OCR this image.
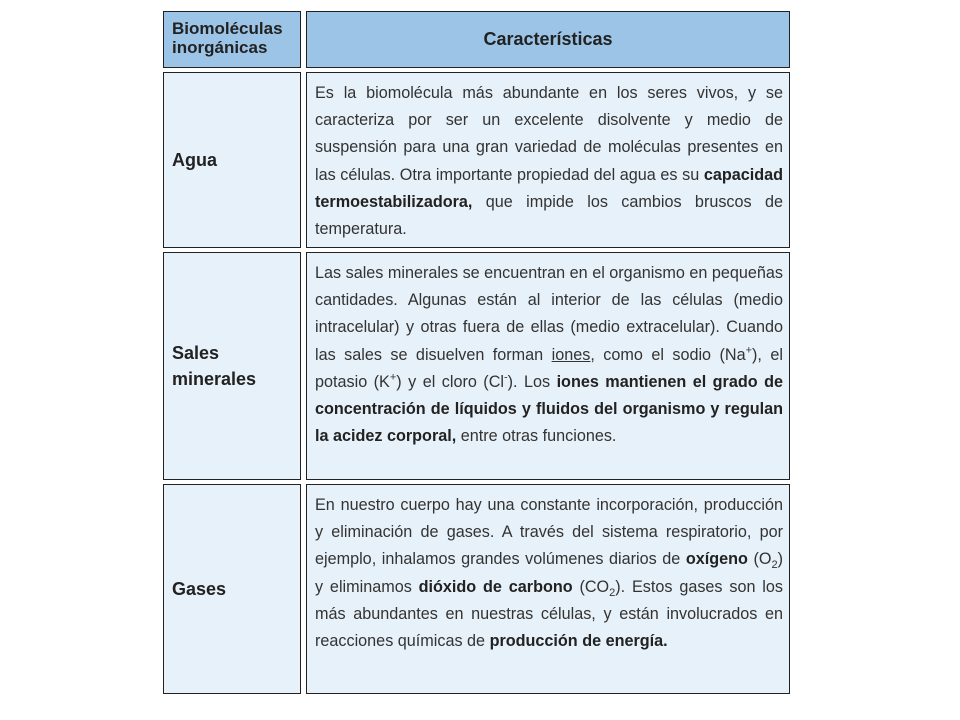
Biomoléculas inorgánicas	Características
Agua

Es la biomolécula más abundante en los seres vivos, y se caracteriza por ser un excelente disolvente y medio de suspensión para una gran variedad de moléculas presentes en las células. Otra importante propiedad del agua es su capacidad termoestabilizadora, que impide los cambios bruscos de temperatura.

Sales minerales

Las sales minerales se encuentran en el organismo en pequeñas cantidades. Algunas están al interior de las células (medio intracelular) y otras fuera de ellas (medio extracelular). Cuando las sales se disuelven forman iones, como el sodio (Na+), el potasio (K+) y el cloro (Cl-). Los iones mantienen el grado de concentración de líquidos y fluidos del organismo y regulan la acidez corporal, entre otras funciones.

Gases

En nuestro cuerpo hay una constante incorporación, producción y eliminación de gases. A través del sistema respiratorio, por ejemplo, inhalamos grandes volúmenes diarios de oxígeno $(O_2)$ y eliminamos dióxido de carbono $(CO_2)$. Estos gases son los más abundantes en nuestras células, y están involucrados en reacciones químicas de producción de energía.
